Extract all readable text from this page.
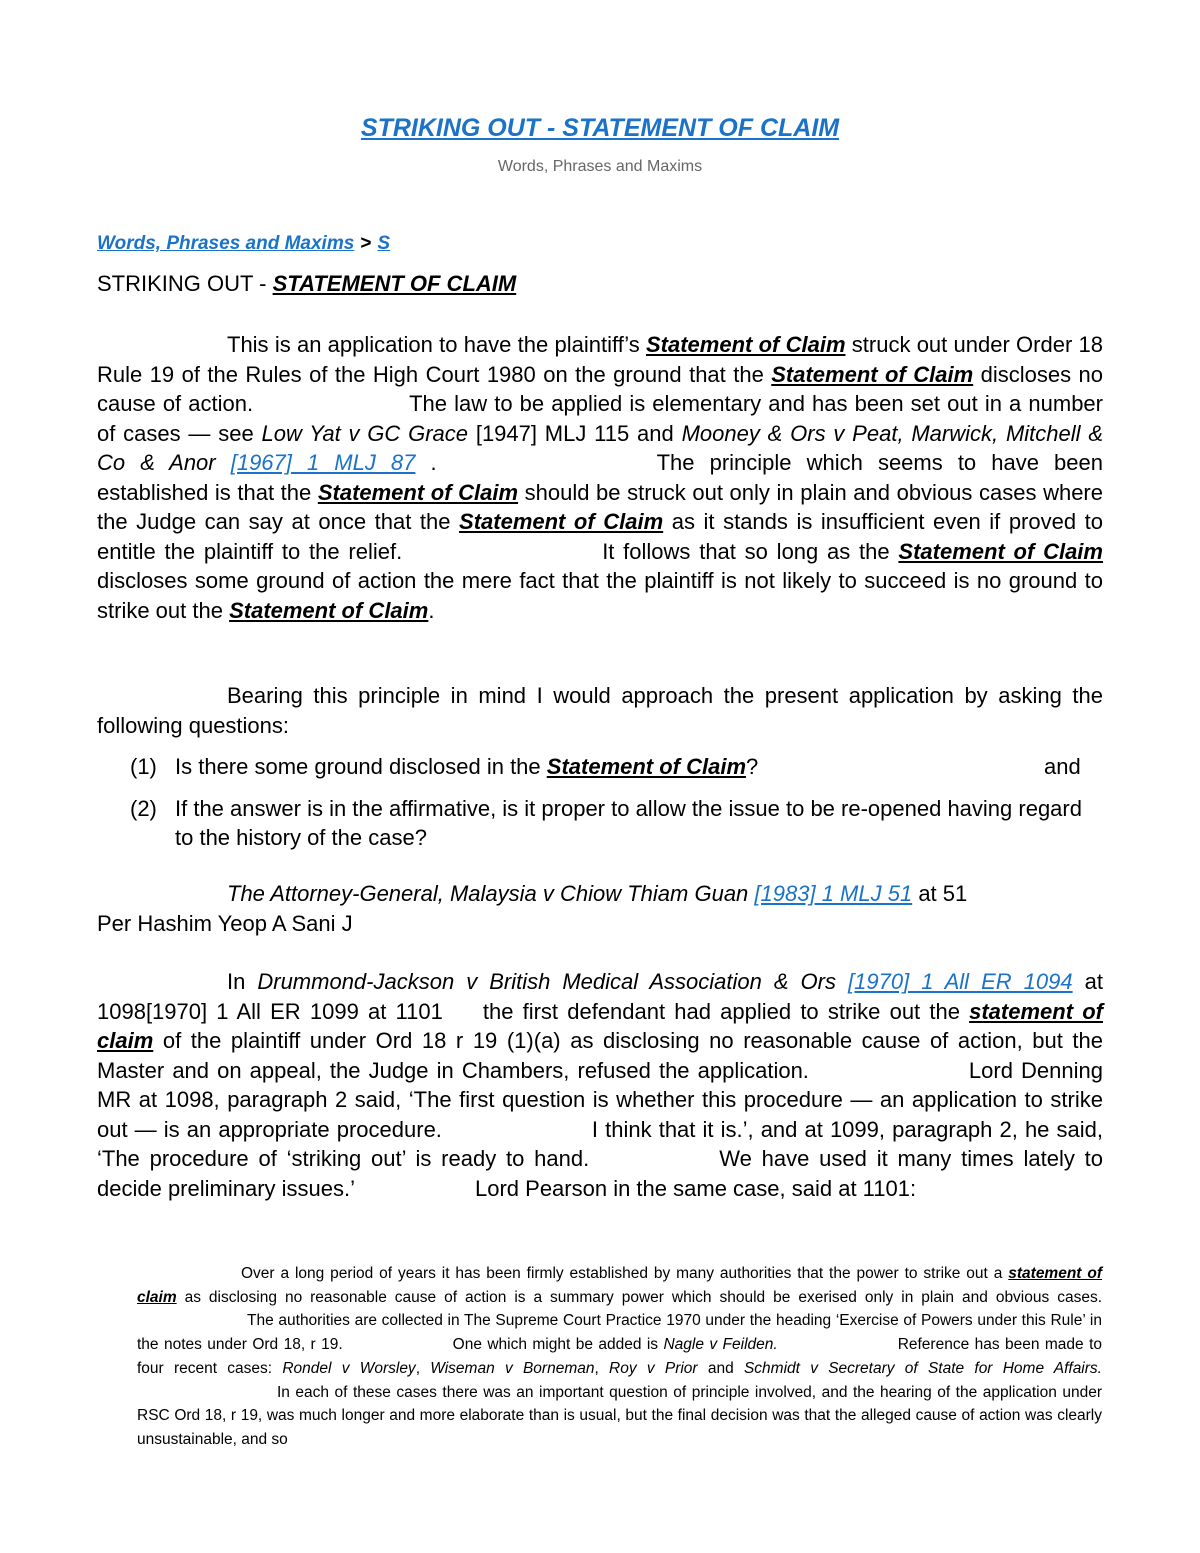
STRIKING OUT - STATEMENT OF CLAIM
Words, Phrases and Maxims
Words, Phrases and Maxims > S
STRIKING OUT - STATEMENT OF CLAIM
This is an application to have the plaintiff’s Statement of Claim struck out under Order 18 Rule 19 of the Rules of the High Court 1980 on the ground that the Statement of Claim discloses no cause of action.	The law to be applied is elementary and has been set out in a number of cases — see Low Yat v GC Grace [1947] MLJ 115 and Mooney & Ors v Peat, Marwick, Mitchell & Co & Anor [1967] 1 MLJ 87 .	The principle which seems to have been established is that the Statement of Claim should be struck out only in plain and obvious cases where the Judge can say at once that the Statement of Claim as it stands is insufficient even if proved to entitle the plaintiff to the relief.	It follows that so long as the Statement of Claim discloses some ground of action the mere fact that the plaintiff is not likely to succeed is no ground to strike out the Statement of Claim.
Bearing this principle in mind I would approach the present application by asking the following questions:
(1) Is there some ground disclosed in the Statement of Claim?	and
(2) If the answer is in the affirmative, is it proper to allow the issue to be re-opened having regard to the history of the case?
The Attorney-General, Malaysia v Chiow Thiam Guan [1983] 1 MLJ 51 at 51
Per Hashim Yeop A Sani J
In Drummond-Jackson v British Medical Association & Ors [1970] 1 All ER 1094 at 1098[1970] 1 All ER 1099 at 1101 the first defendant had applied to strike out the statement of claim of the plaintiff under Ord 18 r 19 (1)(a) as disclosing no reasonable cause of action, but the Master and on appeal, the Judge in Chambers, refused the application.	Lord Denning MR at 1098, paragraph 2 said, ‘The first question is whether this procedure — an application to strike out — is an appropriate procedure.	I think that it is.’, and at 1099, paragraph 2, he said, ‘The procedure of ‘striking out’ is ready to hand.	We have used it many times lately to decide preliminary issues.’	Lord Pearson in the same case, said at 1101:
Over a long period of years it has been firmly established by many authorities that the power to strike out a statement of claim as disclosing no reasonable cause of action is a summary power which should be exerised only in plain and obvious cases.The authorities are collected in The Supreme Court Practice 1970 under the heading ‘Exercise of Powers under this Rule’ in the notes under Ord 18, r 19.	One which might be added is Nagle v Feilden.	Reference has been made to four recent cases: Rondel v Worsley, Wiseman v Borneman, Roy v Prior and Schmidt v Secretary of State for Home Affairs.In each of these cases there was an important question of principle involved, and the hearing of the application under RSC Ord 18, r 19, was much longer and more elaborate than is usual, but the final decision was that the alleged cause of action was clearly unsustainable, and so
